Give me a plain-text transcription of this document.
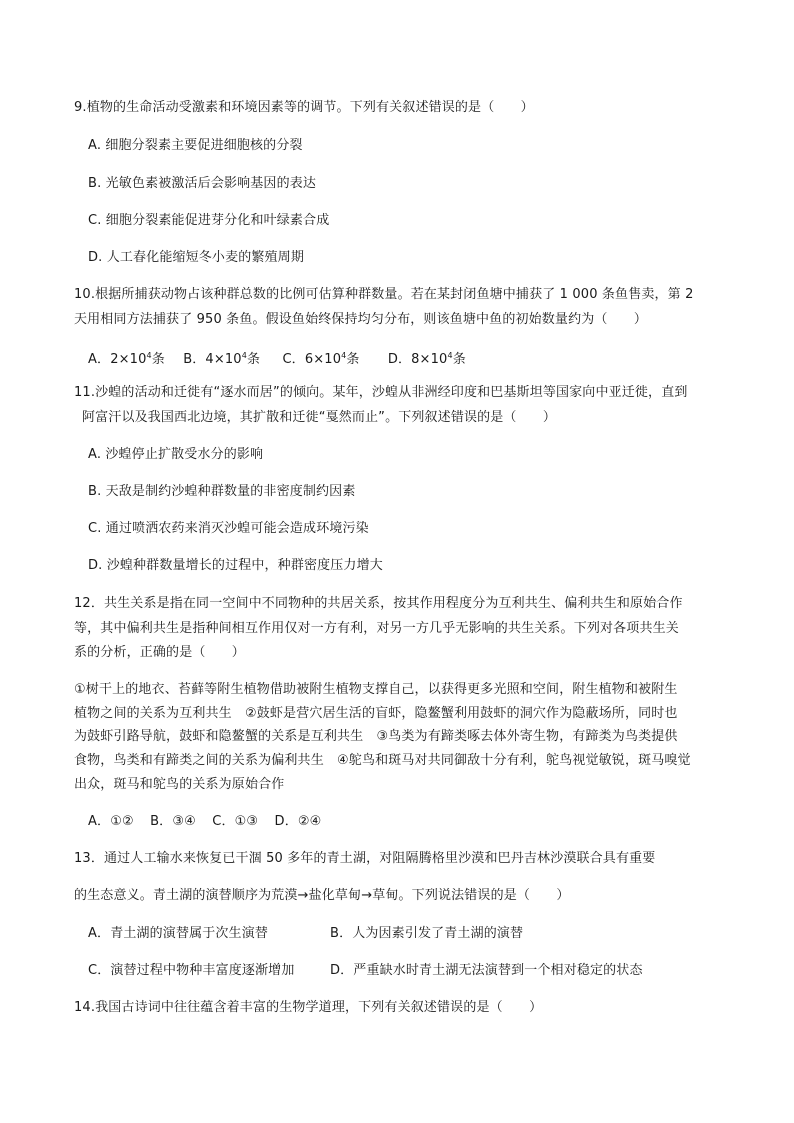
9.植物的生命活动受激素和环境因素等的调节。下列有关叙述错误的是（　　）
A. 细胞分裂素主要促进细胞核的分裂
B. 光敏色素被激活后会影响基因的表达
C. 细胞分裂素能促进芽分化和叶绿素合成
D. 人工春化能缩短冬小麦的繁殖周期
10.根据所捕获动物占该种群总数的比例可估算种群数量。若在某封闭鱼塘中捕获了 1 000 条鱼售卖，第 2
天用相同方法捕获了 950 条鱼。假设鱼始终保持均匀分布，则该鱼塘中鱼的初始数量约为（　　）
A．2×104条 B．4×104条 C．6×104条 D．8×104条
11.沙蝗的活动和迁徙有“逐水而居”的倾向。某年，沙蝗从非洲经印度和巴基斯坦等国家向中亚迁徙，直到
阿富汗以及我国西北边境，其扩散和迁徙“戛然而止”。下列叙述错误的是（　　）
A. 沙蝗停止扩散受水分的影响
B. 天敌是制约沙蝗种群数量的非密度制约因素
C. 通过喷洒农药来消灭沙蝗可能会造成环境污染
D. 沙蝗种群数量增长的过程中，种群密度压力增大
12．共生关系是指在同一空间中不同物种的共居关系，按其作用程度分为互利共生、偏利共生和原始合作
等，其中偏利共生是指种间相互作用仅对一方有利，对另一方几乎无影响的共生关系。下列对各项共生关
系的分析，正确的是（　　）
①树干上的地衣、苔藓等附生植物借助被附生植物支撑自己，以获得更多光照和空间，附生植物和被附生
植物之间的关系为互利共生　②鼓虾是营穴居生活的盲虾，隐鳌蟹利用鼓虾的洞穴作为隐蔽场所，同时也
为鼓虾引路导航，鼓虾和隐鳌蟹的关系是互利共生　③鸟类为有蹄类啄去体外寄生物，有蹄类为鸟类提供
食物，鸟类和有蹄类之间的关系为偏利共生　④鸵鸟和斑马对共同御敌十分有利，鸵鸟视觉敏锐，斑马嗅觉
出众，斑马和鸵鸟的关系为原始合作
A．①② B．③④ C．①③ D．②④
13．通过人工输水来恢复已干涸 50 多年的青土湖，对阻隔腾格里沙漠和巴丹吉林沙漠联合具有重要
的生态意义。青土湖的演替顺序为荒漠→盐化草甸→草甸。下列说法错误的是（　　）
A．青土湖的演替属于次生演替	B．人为因素引发了青土湖的演替
C．演替过程中物种丰富度逐渐增加	D．严重缺水时青土湖无法演替到一个相对稳定的状态
14.我国古诗词中往往蕴含着丰富的生物学道理，下列有关叙述错误的是（　　）
